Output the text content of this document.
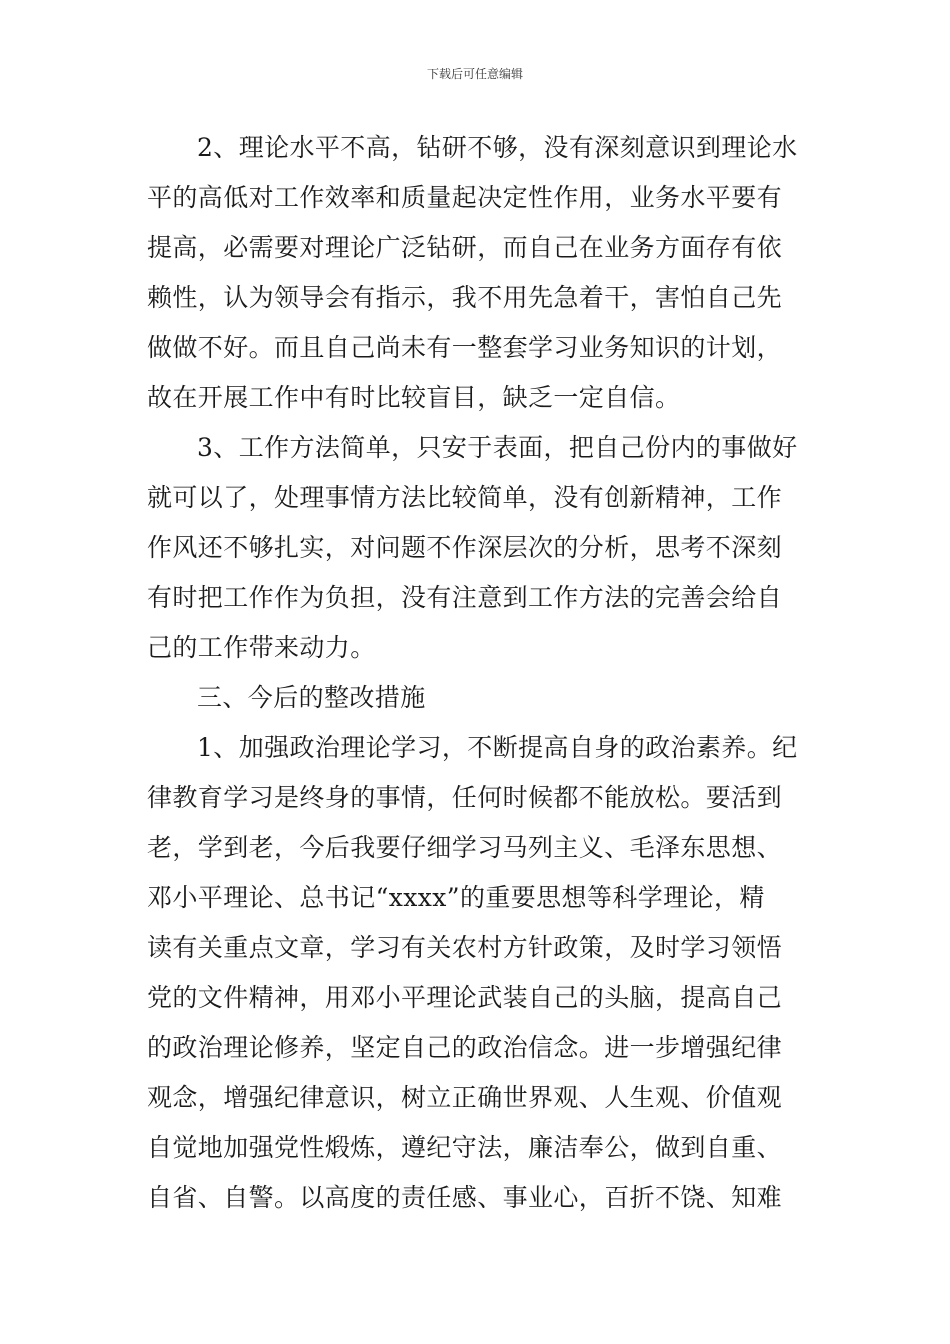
下载后可任意编辑
2、理论水平不高，钻研不够，没有深刻意识到理论水
平的高低对工作效率和质量起决定性作用，业务水平要有
提高，必需要对理论广泛钻研，而自己在业务方面存有依
赖性，认为领导会有指示，我不用先急着干，害怕自己先
做做不好。而且自己尚未有一整套学习业务知识的计划，
故在开展工作中有时比较盲目，缺乏一定自信。
3、工作方法简单，只安于表面，把自己份内的事做好
就可以了，处理事情方法比较简单，没有创新精神，工作
作风还不够扎实，对问题不作深层次的分析，思考不深刻
有时把工作作为负担，没有注意到工作方法的完善会给自
己的工作带来动力。
三、今后的整改措施
1、加强政治理论学习，不断提高自身的政治素养。纪
律教育学习是终身的事情，任何时候都不能放松。要活到
老，学到老，今后我要仔细学习马列主义、毛泽东思想、
邓小平理论、总书记“xxxx”的重要思想等科学理论，精
读有关重点文章，学习有关农村方针政策，及时学习领悟
党的文件精神，用邓小平理论武装自己的头脑，提高自己
的政治理论修养，坚定自己的政治信念。进一步增强纪律
观念，增强纪律意识，树立正确世界观、人生观、价值观
自觉地加强党性煅炼，遵纪守法，廉洁奉公，做到自重、
自省、自警。以高度的责任感、事业心，百折不饶、知难
